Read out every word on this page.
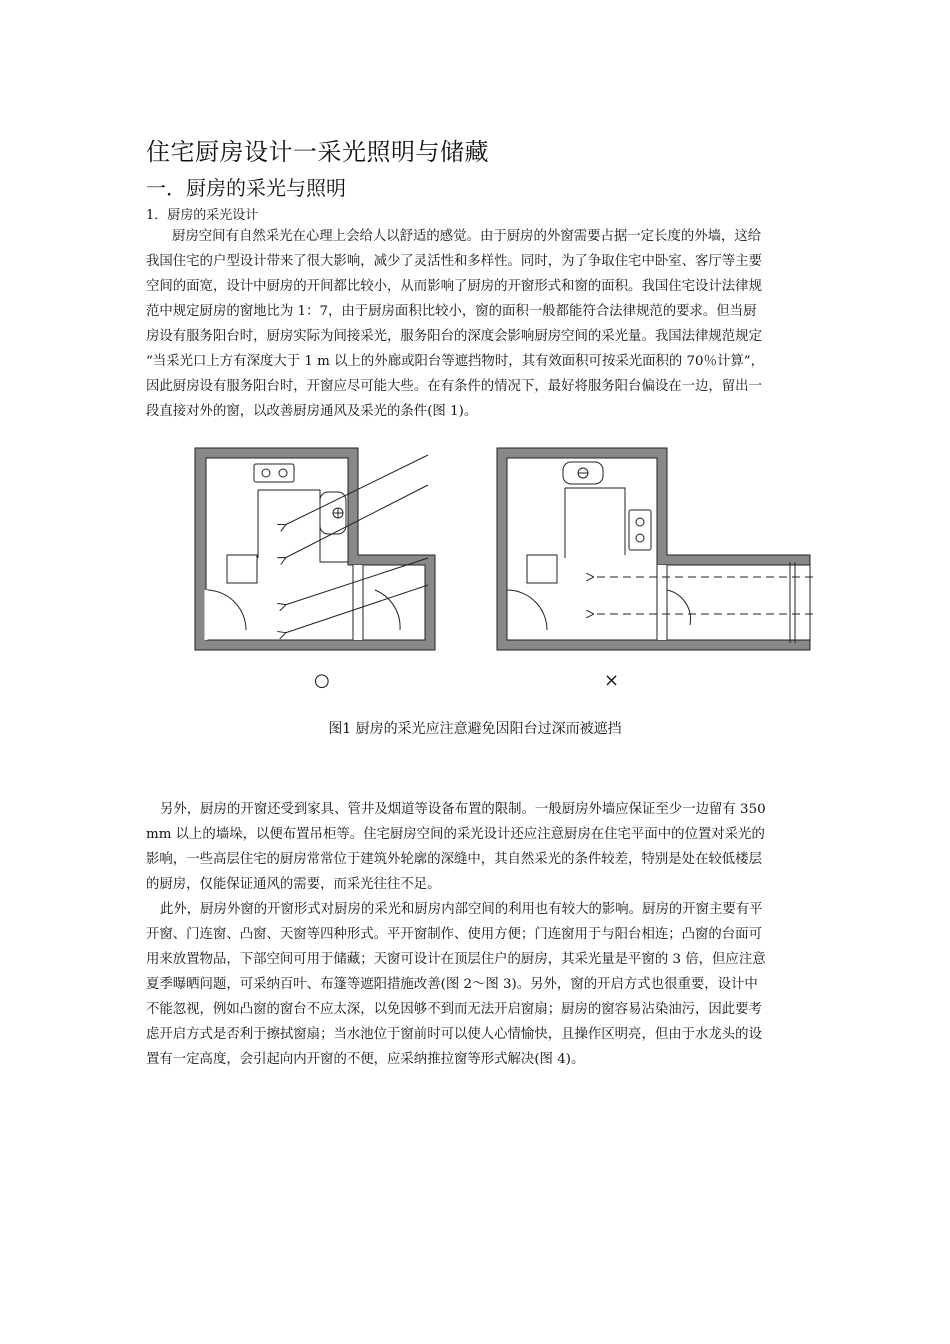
住宅厨房设计一采光照明与储藏
一．厨房的采光与照明
1．厨房的采光设计
厨房空间有自然采光在心理上会给人以舒适的感觉。由于厨房的外窗需要占据一定长度的外墙，这给
我国住宅的户型设计带来了很大影响，减少了灵活性和多样性。同时，为了争取住宅中卧室、客厅等主要
空间的面宽，设计中厨房的开间都比较小，从而影响了厨房的开窗形式和窗的面积。我国住宅设计法律规
范中规定厨房的窗地比为 1：7，由于厨房面积比较小，窗的面积一般都能符合法律规范的要求。但当厨
房设有服务阳台时，厨房实际为间接采光，服务阳台的深度会影响厨房空间的采光量。我国法律规范规定
“当采光口上方有深度大于 1 m 以上的外廊或阳台等遮挡物时，其有效面积可按采光面积的 70％计算”，
因此厨房设有服务阳台时，开窗应尽可能大些。在有条件的情况下，最好将服务阳台偏设在一边，留出一
段直接对外的窗，以改善厨房通风及采光的条件(图 1)。
○	×
图1 厨房的采光应注意避免因阳台过深而被遮挡
另外，厨房的开窗还受到家具、管井及烟道等设备布置的限制。一般厨房外墙应保证至少一边留有 350
mm 以上的墙垛，以便布置吊柜等。住宅厨房空间的采光设计还应注意厨房在住宅平面中的位置对采光的
影响，一些高层住宅的厨房常常位于建筑外轮廓的深缝中，其自然采光的条件较差，特别是处在较低楼层
的厨房，仅能保证通风的需要，而采光往往不足。
此外，厨房外窗的开窗形式对厨房的采光和厨房内部空间的利用也有较大的影响。厨房的开窗主要有平
开窗、门连窗、凸窗、天窗等四种形式。平开窗制作、使用方便；门连窗用于与阳台相连；凸窗的台面可
用来放置物品，下部空间可用于储藏；天窗可设计在顶层住户的厨房，其采光量是平窗的 3 倍，但应注意
夏季曝晒问题，可采纳百叶、布篷等遮阳措施改善(图 2～图 3)。另外，窗的开启方式也很重要，设计中
不能忽视，例如凸窗的窗台不应太深，以免因够不到而无法开启窗扇；厨房的窗容易沾染油污，因此要考
虑开启方式是否利于擦拭窗扇；当水池位于窗前时可以使人心情愉快，且操作区明亮，但由于水龙头的设
置有一定高度，会引起向内开窗的不便，应采纳推拉窗等形式解决(图 4)。
